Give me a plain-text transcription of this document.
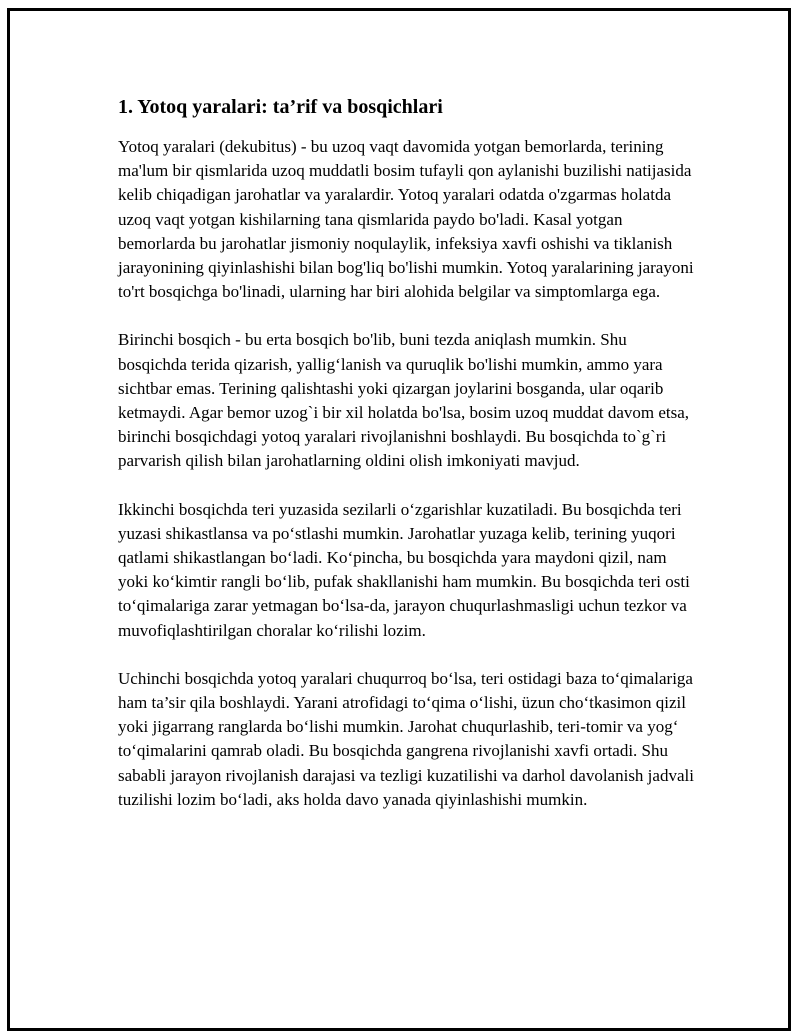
1. Yotoq yaralari: ta’rif va bosqichlari

Yotoq yaralari (dekubitus) - bu uzoq vaqt davomida yotgan bemorlarda, terining ma'lum bir qismlarida uzoq muddatli bosim tufayli qon aylanishi buzilishi natijasida kelib chiqadigan jarohatlar va yaralardir. Yotoq yaralari odatda o'zgarmas holatda uzoq vaqt yotgan kishilarning tana qismlarida paydo bo'ladi. Kasal yotgan bemorlarda bu jarohatlar jismoniy noqulaylik, infeksiya xavfi oshishi va tiklanish jarayonining qiyinlashishi bilan bog'liq bo'lishi mumkin. Yotoq yaralarining jarayoni to'rt bosqichga bo'linadi, ularning har biri alohida belgilar va simptomlarga ega.

Birinchi bosqich - bu erta bosqich bo'lib, buni tezda aniqlash mumkin. Shu bosqichda terida qizarish, yallig‘lanish va quruqlik bo'lishi mumkin, ammo yara sichtbar emas. Terining qalishtashi yoki qizargan joylarini bosganda, ular oqarib ketmaydi. Agar bemor uzog`i bir xil holatda bo'lsa, bosim uzoq muddat davom etsa, birinchi bosqichdagi yotoq yaralari rivojlanishni boshlaydi. Bu bosqichda to`g`ri parvarish qilish bilan jarohatlarning oldini olish imkoniyati mavjud.

Ikkinchi bosqichda teri yuzasida sezilarli o‘zgarishlar kuzatiladi. Bu bosqichda teri yuzasi shikastlansa va po‘stlashi mumkin. Jarohatlar yuzaga kelib, terining yuqori qatlami shikastlangan bo‘ladi. Ko‘pincha, bu bosqichda yara maydoni qizil, nam yoki ko‘kimtir rangli bo‘lib, pufak shakllanishi ham mumkin. Bu bosqichda teri osti to‘qimalariga zarar yetmagan bo‘lsa-da, jarayon chuqurlashmasligi uchun tezkor va muvofiqlashtirilgan choralar ko‘rilishi lozim.

Uchinchi bosqichda yotoq yaralari chuqurroq bo‘lsa, teri ostidagi baza to‘qimalariga ham ta’sir qila boshlaydi. Yarani atrofidagi to‘qima o‘lishi, üzun cho‘tkasimon qizil yoki jigarrang ranglarda bo‘lishi mumkin. Jarohat chuqurlashib, teri-tomir va yog‘ to‘qimalarini qamrab oladi. Bu bosqichda gangrena rivojlanishi xavfi ortadi. Shu sababli jarayon rivojlanish darajasi va tezligi kuzatilishi va darhol davolanish jadvali tuzilishi lozim bo‘ladi, aks holda davo yanada qiyinlashishi mumkin.
